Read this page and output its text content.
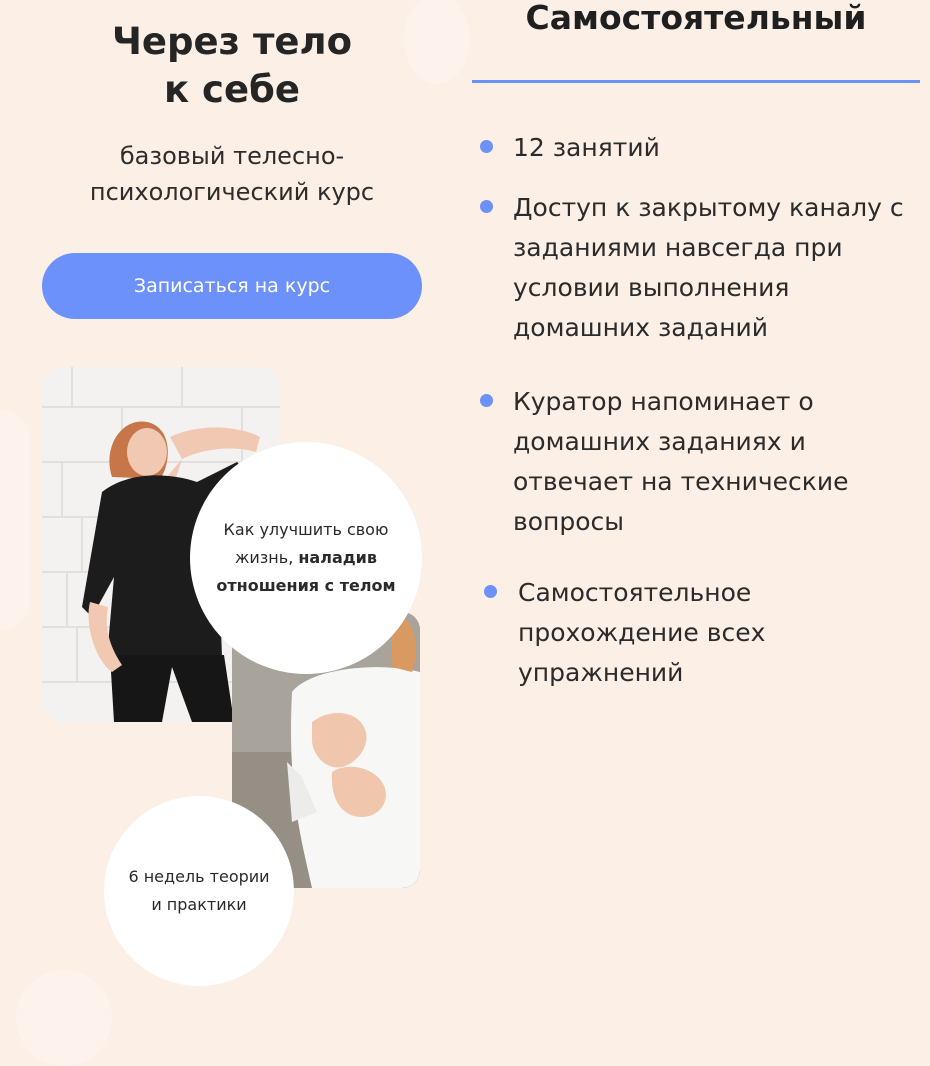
Через тело
к себе
базовый телесно-
психологический курс
Записаться на курс
Как улучшить свою
жизнь, наладив
отношения с телом
6 недель теории
и практики
Самостоятельный
12 занятий
Доступ к закрытому каналу с заданиями навсегда при условии выполнения домашних заданий
Куратор напоминает о домашних заданиях и отвечает на технические вопросы
Самостоятельное прохождение всех упражнений
